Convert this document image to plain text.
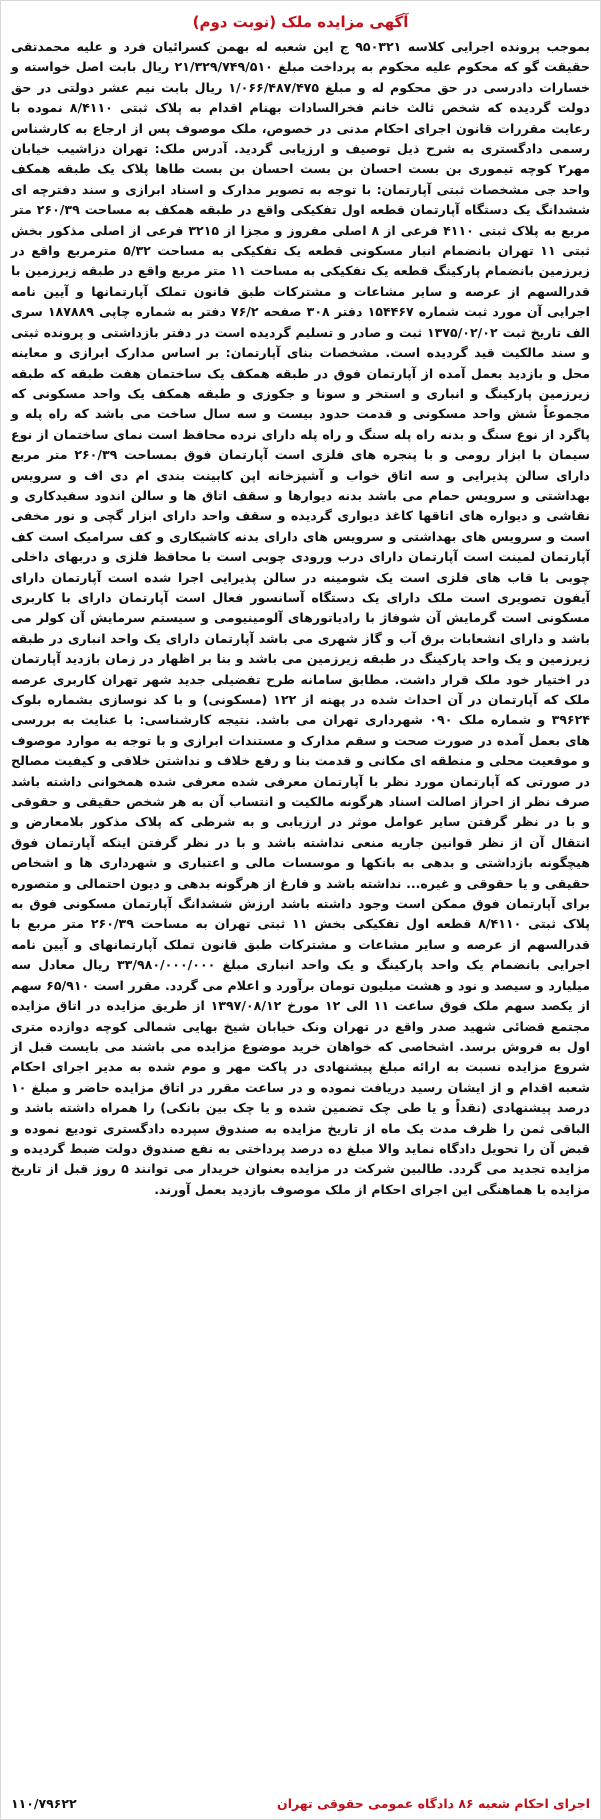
آگهی مزایده ملک (نوبت دوم)

بموجب پرونده اجرایی کلاسه ۹۵۰۳۲۱ ج این شعبه له بهمن کسرائیان فرد و علیه محمدتقی حقیقت گو که محکوم علیه محکوم به پرداخت مبلغ ۲۱/۳۲۹/۷۴۹/۵۱۰ ریال بابت اصل خواسته و خسارات دادرسی در حق محکوم له و مبلغ ۱/۰۶۶/۴۸۷/۴۷۵ ریال بابت نیم عشر دولتی در حق دولت گردیده که شخص ثالث خانم فخرالسادات بهنام اقدام به پلاک ثبتی ۸/۴۱۱۰ نموده با رعایت مقررات قانون اجرای احکام مدنی در خصوص، ملک موصوف پس از ارجاع به کارشناس رسمی دادگستری به شرح ذیل توصیف و ارزیابی گردید. آدرس ملک: تهران دزاشیب خیابان مهر۲ کوچه تیموری بن بست احسان بن بست احسان بن بست طاها پلاک یک طبقه همکف واحد جی مشخصات ثبتی آپارتمان: با توجه به تصویر مدارک و اسناد ابرازی و سند دفترچه ای ششدانگ یک دستگاه آپارتمان قطعه اول تفکیکی واقع در طبقه همکف به مساحت ۲۶۰/۳۹ متر مربع به پلاک ثبتی ۴۱۱۰ فرعی از ۸ اصلی مفروز و مجزا از ۳۲۱۵ فرعی از اصلی مذکور بخش ثبتی ۱۱ تهران بانضمام انبار مسکونی قطعه یک تفکیکی به مساحت ۵/۳۲ مترمربع واقع در زیرزمین بانضمام پارکینگ قطعه یک تفکیکی به مساحت ۱۱ متر مربع واقع در طبقه زیرزمین با قدرالسهم از عرصه و سایر مشاعات و مشترکات طبق قانون تملک آپارتمانها و آیین نامه اجرایی آن مورد ثبت شماره ۱۵۴۴۶۷ دفتر ۳۰۸ صفحه ۷۶/۲ دفتر به شماره چاپی ۱۸۷۸۸۹ سری الف تاریخ ثبت ۱۳۷۵/۰۲/۰۲ ثبت و صادر و تسلیم گردیده است در دفتر بازداشتی و پرونده ثبتی و سند مالکیت قید گردیده است. مشخصات بنای آپارتمان: بر اساس مدارک ابرازی و معاینه محل و بازدید بعمل آمده از آپارتمان فوق در طبقه همکف یک ساختمان هفت طبقه که طبقه زیرزمین پارکینگ و انباری و استخر و سونا و جکوزی و طبقه همکف یک واحد مسکونی که مجموعاً شش واحد مسکونی و قدمت حدود بیست و سه سال ساخت می باشد که راه پله و پاگرد از نوع سنگ و بدنه راه پله سنگ و راه پله دارای نرده محافظ است نمای ساختمان از نوع سیمان با ابزار رومی و با پنجره های فلزی است آپارتمان فوق بمساحت ۲۶۰/۳۹ متر مربع دارای سالن پذیرایی و سه اتاق خواب و آشپزخانه اپن کابینت بندی ام دی اف و سرویس بهداشتی و سرویس حمام می باشد بدنه دیوارها و سقف اتاق ها و سالن اندود سفیدکاری و نقاشی و دیواره های اتاقها کاغذ دیواری گردیده و سقف واحد دارای ابزار گچی و نور مخفی است و سرویس های بهداشتی و سرویس های دارای بدنه کاشیکاری و کف سرامیک است کف آپارتمان لمینت است آپارتمان دارای درب ورودی چوبی است با محافظ فلزی و دربهای داخلی چوبی با قاب های فلزی است یک شومینه در سالن پذیرایی اجرا شده است آپارتمان دارای آیفون تصویری است ملک دارای یک دستگاه آسانسور فعال است آپارتمان دارای با کاربری مسکونی است گرمایش آن شوفاژ با رادیاتورهای آلومینیومی و سیستم سرمایش آن کولر می باشد و دارای انشعابات برق آب و گاز شهری می باشد آپارتمان دارای یک واحد انباری در طبقه زیرزمین و یک واحد پارکینگ در طبقه زیرزمین می باشد و بنا بر اظهار در زمان بازدید آپارتمان در اختیار خود ملک قرار داشت. مطابق سامانه طرح تفضیلی جدید شهر تهران کاربری عرصه ملک که آپارتمان در آن احداث شده در پهنه از ۱۲۲ (مسکونی) و با کد نوسازی بشماره بلوک ۳۹۶۲۴ و شماره ملک ۰۹۰ شهرداری تهران می باشد. نتیجه کارشناسی: با عنایت به بررسی های بعمل آمده در صورت صحت و سقم مدارک و مستندات ابرازی و با توجه به موارد موصوف و موقعیت محلی و منطقه ای مکانی و قدمت بنا و رفع خلاف و نداشتن خلافی و کیفیت مصالح در صورتی که آپارتمان مورد نظر با آپارتمان معرفی شده معرفی شده همخوانی داشته باشد صرف نظر از احراز اصالت اسناد هرگونه مالکیت و انتساب آن به هر شخص حقیقی و حقوقی و با در نظر گرفتن سایر عوامل موثر در ارزیابی و به شرطی که پلاک مذکور بلامعارض و انتقال آن از نظر قوانین جاریه منعی نداشته باشد و با در نظر گرفتن اینکه آپارتمان فوق هیچگونه بازداشتی و بدهی به بانکها و موسسات مالی و اعتباری و شهرداری ها و اشخاص حقیقی و یا حقوقی و غیره... نداشته باشد و فارغ از هرگونه بدهی و دیون احتمالی و متصوره برای آپارتمان فوق ممکن است وجود داشته باشد ارزش ششدانگ آپارتمان مسکونی فوق به پلاک ثبتی ۸/۴۱۱۰ قطعه اول تفکیکی بخش ۱۱ ثبتی تهران به مساحت ۲۶۰/۳۹ متر مربع با قدرالسهم از عرصه و سایر مشاعات و مشترکات طبق قانون تملک آپارتمانهای و آیین نامه اجرایی بانضمام یک واحد پارکینگ و یک واحد انباری مبلغ ۳۳/۹۸۰/۰۰۰/۰۰۰ ریال معادل سه میلیارد و سیصد و نود و هشت میلیون تومان برآورد و اعلام می گردد. مقرر است ۶۵/۹۱۰ سهم از یکصد سهم ملک فوق ساعت ۱۱ الی ۱۲ مورخ ۱۳۹۷/۰۸/۱۲ از طریق مزایده در اتاق مزایده مجتمع قضائی شهید صدر واقع در تهران ونک خیابان شیخ بهایی شمالی کوچه دوازده متری اول به فروش برسد. اشخاصی که خواهان خرید موضوع مزایده می باشند می بایست قبل از شروع مزایده نسبت به ارائه مبلغ پیشنهادی در پاکت مهر و موم شده به مدیر اجرای احکام شعبه اقدام و از ایشان رسید دریافت نموده و در ساعت مقرر در اتاق مزایده حاضر و مبلغ ۱۰ درصد پیشنهادی (نقداً و یا طی چک تضمین شده و یا چک بین بانکی) را همراه داشته باشد و الباقی ثمن را ظرف مدت یک ماه از تاریخ مزایده به صندوق سپرده دادگستری تودیع نموده و قبض آن را تحویل دادگاه نماید والا مبلغ ده درصد پرداختی به نفع صندوق دولت ضبط گردیده و مزایده تجدید می گردد. طالبین شرکت در مزایده بعنوان خریدار می توانند ۵ روز قبل از تاریخ مزایده با هماهنگی این اجرای احکام از ملک موصوف بازدید بعمل آورند.

اجرای احکام شعبه ۸۶ دادگاه عمومی حقوقی تهران
۱۱۰/۷۹۶۲۲
